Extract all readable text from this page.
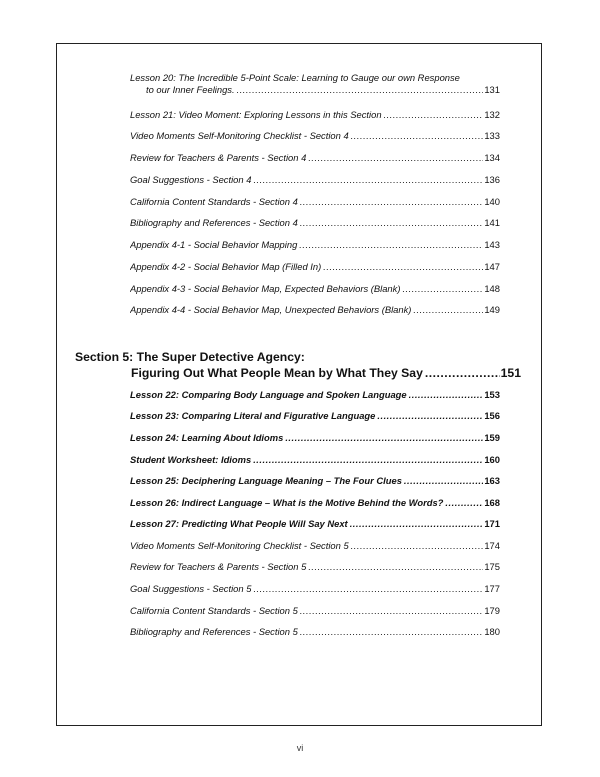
Lesson 20: The Incredible 5-Point Scale: Learning to Gauge our own Response
to our Inner Feelings. .....	131
Lesson 21: Video Moment: Exploring Lessons in this Section .....	132
Video Moments Self-Monitoring Checklist - Section 4 .....	133
Review for Teachers & Parents - Section 4 .....	134
Goal Suggestions - Section 4 .....	136
California Content Standards - Section 4 .....	140
Bibliography and References - Section 4 .....	141
Appendix 4-1 - Social Behavior Mapping .....	143
Appendix 4-2 - Social Behavior Map (Filled In) .....	147
Appendix 4-3 - Social Behavior Map, Expected Behaviors (Blank) .....	148
Appendix 4-4 - Social Behavior Map, Unexpected Behaviors (Blank) .....	149
Section 5: The Super Detective Agency:
Figuring Out What People Mean by What They Say .....	151
Lesson 22: Comparing Body Language and Spoken Language .....	153
Lesson 23: Comparing Literal and Figurative Language .....	156
Lesson 24: Learning About Idioms .....	159
Student Worksheet: Idioms .....	160
Lesson 25: Deciphering Language Meaning – The Four Clues .....	163
Lesson 26: Indirect Language – What is the Motive Behind the Words? .....	168
Lesson 27: Predicting What People Will Say Next .....	171
Video Moments Self-Monitoring Checklist - Section 5 .....	174
Review for Teachers & Parents - Section 5 .....	175
Goal Suggestions - Section 5 .....	177
California Content Standards - Section 5 .....	179
Bibliography and References - Section 5 .....	180
vi
